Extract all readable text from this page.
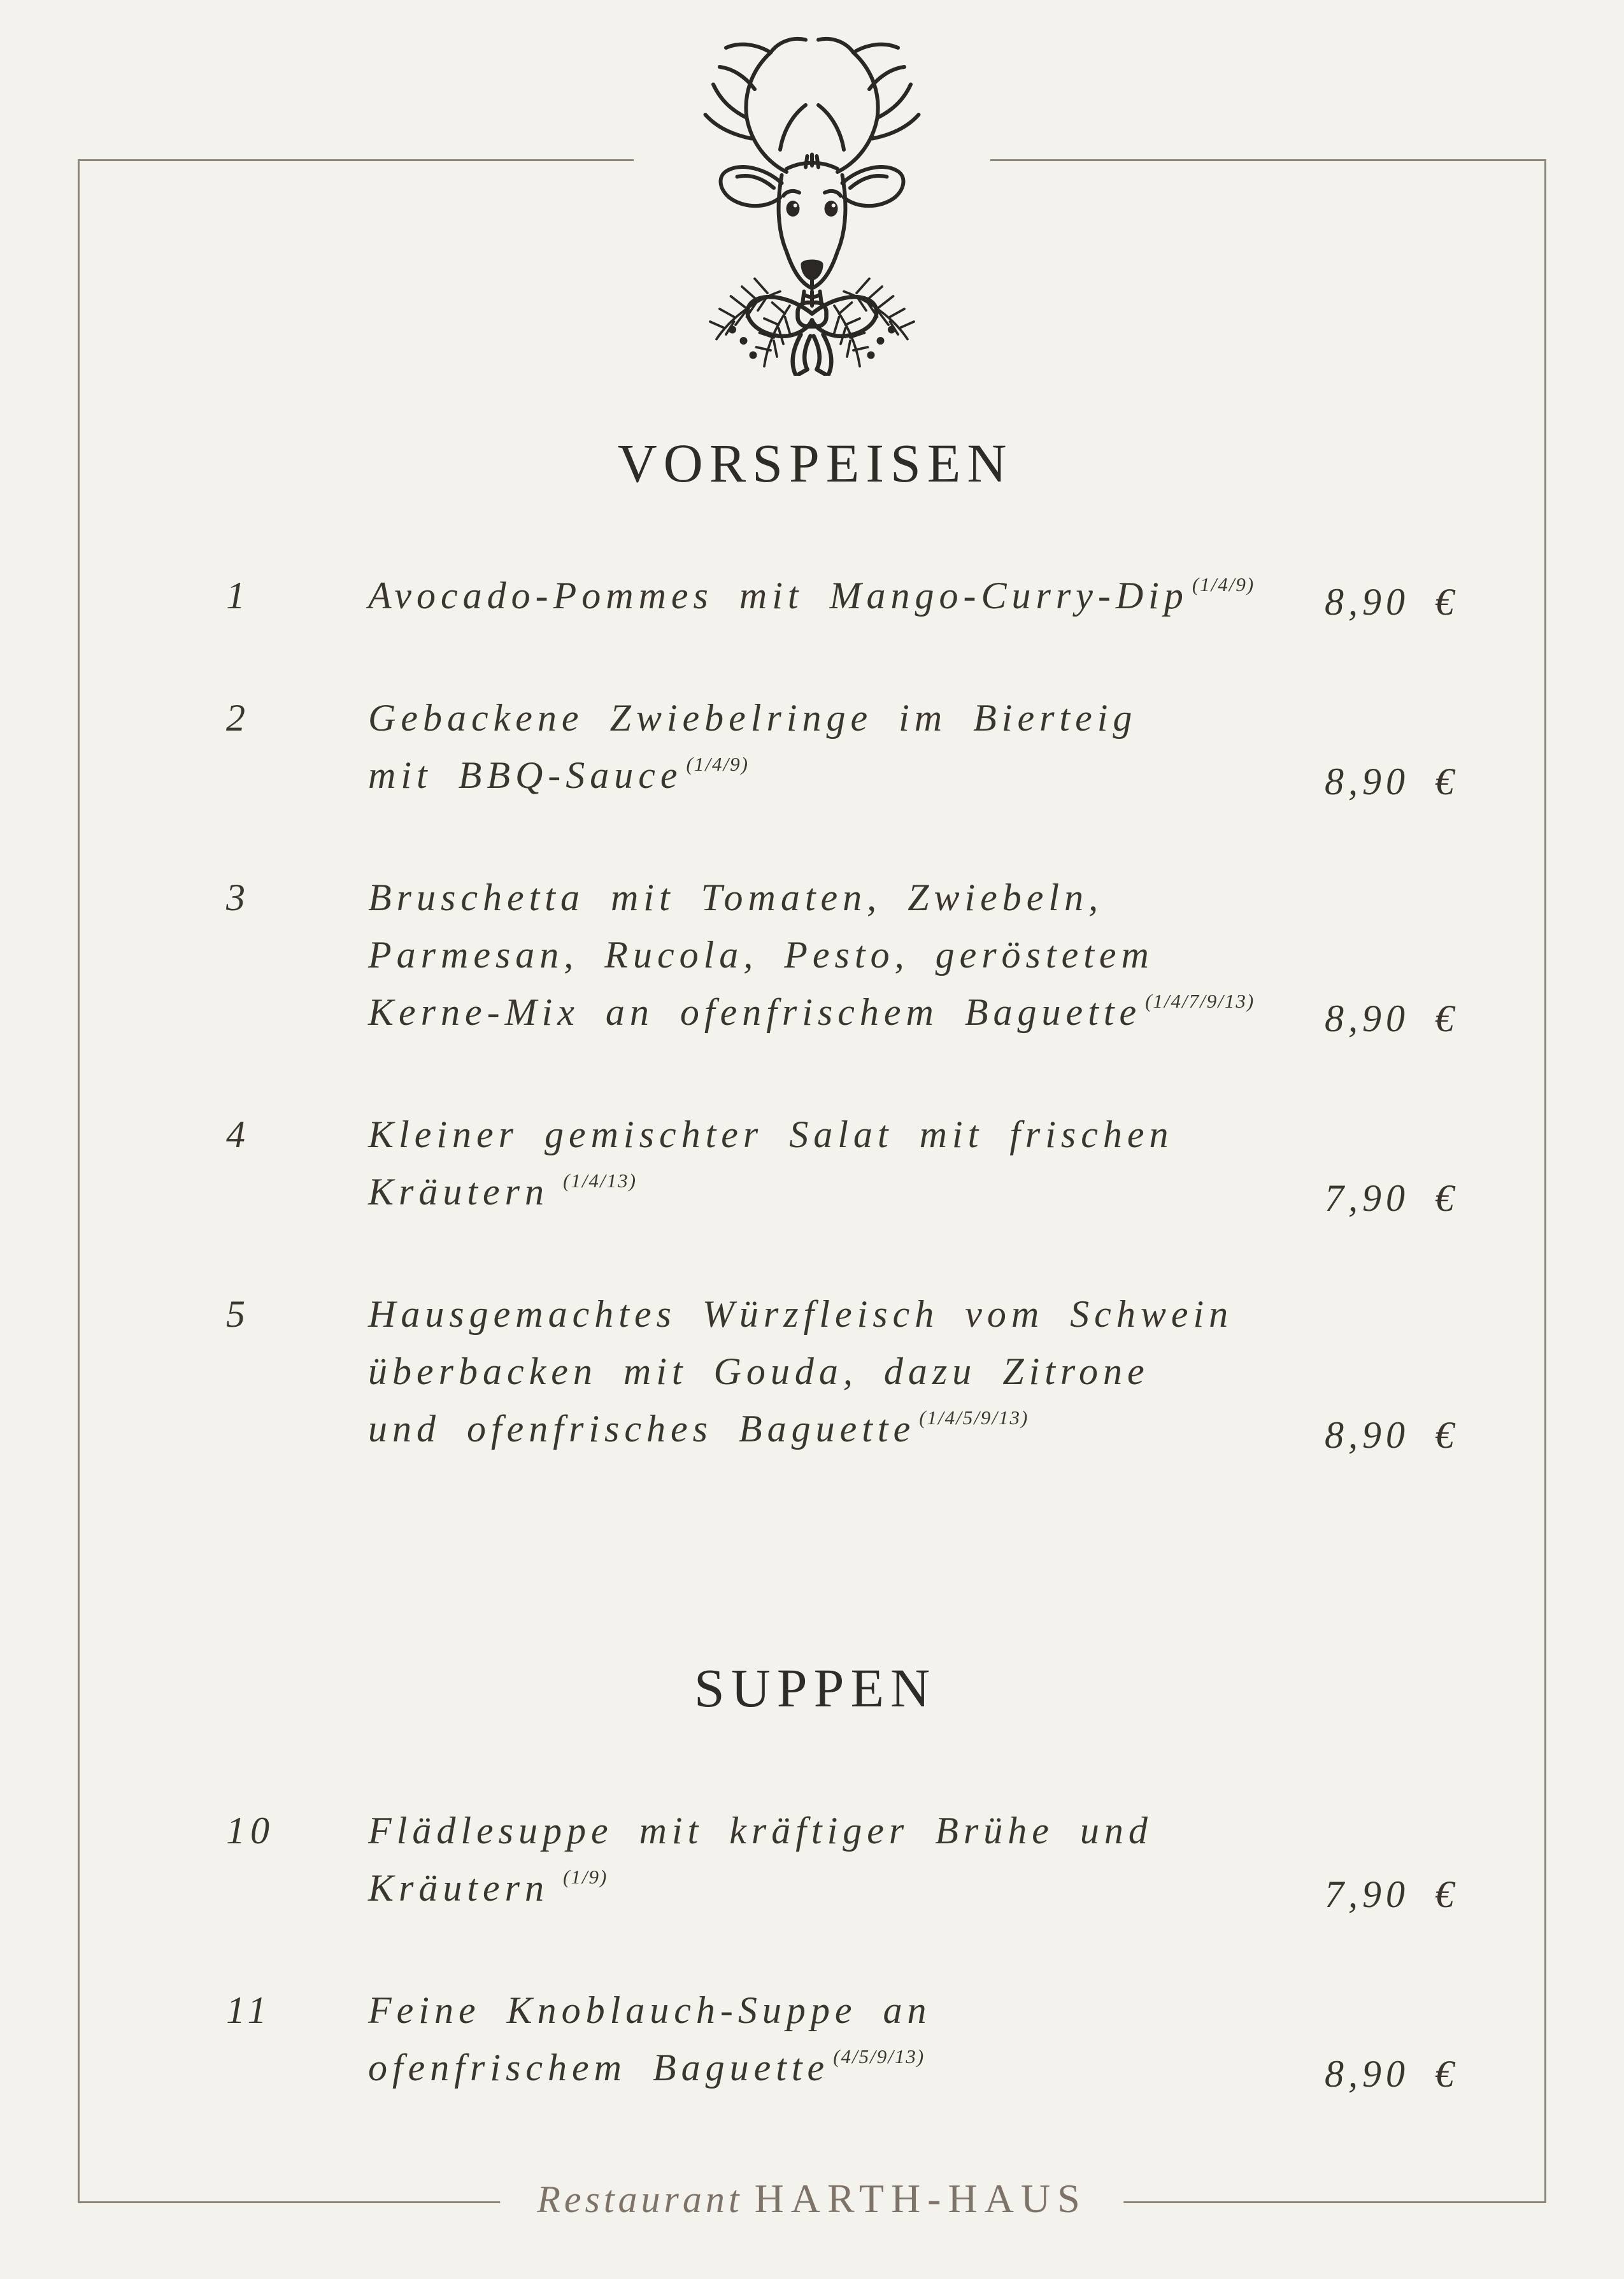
VORSPEISEN
1	Avocado-Pommes mit Mango-Curry-Dip $^{(1/4/9)}$	8,90 €
2	Gebackene Zwiebelringe im Bierteig
mit BBQ-Sauce $^{(1/4/9)}$	8,90 €
3	Bruschetta mit Tomaten, Zwiebeln,
Parmesan, Rucola, Pesto, geröstetem
Kerne-Mix an ofenfrischem Baguette $^{(1/4/7/9/13)}$	8,90 €
4	Kleiner gemischter Salat mit frischen
Kräutern $^{(1/4/13)}$	7,90 €
5	Hausgemachtes Würzfleisch vom Schwein
überbacken mit Gouda, dazu Zitrone
und ofenfrisches Baguette $^{(1/4/5/9/13)}$	8,90 €
SUPPEN
10 Flädlesuppe mit kräftiger Brühe und
Kräutern $^{(1/9)}$	7,90 €
11	Feine Knoblauch-Suppe an
ofenfrischem Baguette $^{(4/5/9/13)}$	8,90 €
Restaurant HARTH-HAUS
